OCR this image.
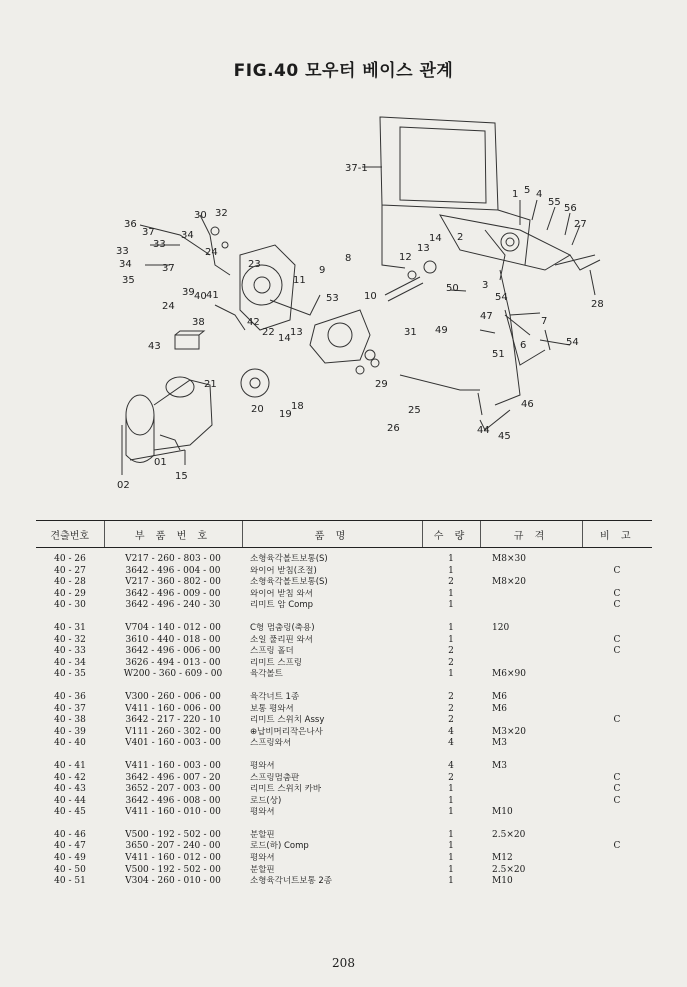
FIG.40 모우터 베이스 관계
37-1
1 5 4
55
56
27
2
3
28
7
54
54
6
50
47
49
51
46
44
45
14
13
12
8
9
10
31
36
37
30 32
34
33
33	24
34	37
35
23
11
53
39 40 41
24
38	42
22
14
13
43
29
25
26
21
20 19
18
01
15
02
견출번호	부 품 번 호	품 명	수 량	규 격	비 고
40 - 26	V217 - 260 - 803 - 00	소형육각볼트보통(S)	1	M8×30	
40 - 27	3642 - 496 - 004 - 00	와이어 받침(조절)	1		C
40 - 28	V217 - 360 - 802 - 00	소형육각볼트보통(S)	2	M8×20	
40 - 29	3642 - 496 - 009 - 00	와이어 받침 와셔	1		C
40 - 30	3642 - 496 - 240 - 30	리미트 암 Comp	1		C

40 - 31	V704 - 140 - 012 - 00	C형 멈춤링(축용)	1	120	
40 - 32	3610 - 440 - 018 - 00	소일 풀리핀 와셔	1		C
40 - 33	3642 - 496 - 006 - 00	스프링 홀더	2		C
40 - 34	3626 - 494 - 013 - 00	리미트 스프링	2		
40 - 35	W200 - 360 - 609 - 00	육각볼트	1	M6×90	

40 - 36	V300 - 260 - 006 - 00	육각너트 1종	2	M6	
40 - 37	V411 - 160 - 006 - 00	보통 평와셔	2	M6	
40 - 38	3642 - 217 - 220 - 10	리미트 스위치 Assy	2		C
40 - 39	V111 - 260 - 302 - 00	⊕납비머리작은나사	4	M3×20	
40 - 40	V401 - 160 - 003 - 00	스프링와셔	4	M3	

40 - 41	V411 - 160 - 003 - 00	평와셔	4	M3	
40 - 42	3642 - 496 - 007 - 20	스프링멈춤판	2		C
40 - 43	3652 - 207 - 003 - 00	리미트 스위치 카바	1		C
40 - 44	3642 - 496 - 008 - 00	로드(상)	1		C
40 - 45	V411 - 160 - 010 - 00	평와셔	1	M10	

40 - 46	V500 - 192 - 502 - 00	분할핀	1	2.5×20	
40 - 47	3650 - 207 - 240 - 00	로드(하) Comp	1		C
40 - 49	V411 - 160 - 012 - 00	평와셔	1	M12	
40 - 50	V500 - 192 - 502 - 00	분할핀	1	2.5×20	
40 - 51	V304 - 260 - 010 - 00	소형육각너트보통 2종	1	M10	
208
